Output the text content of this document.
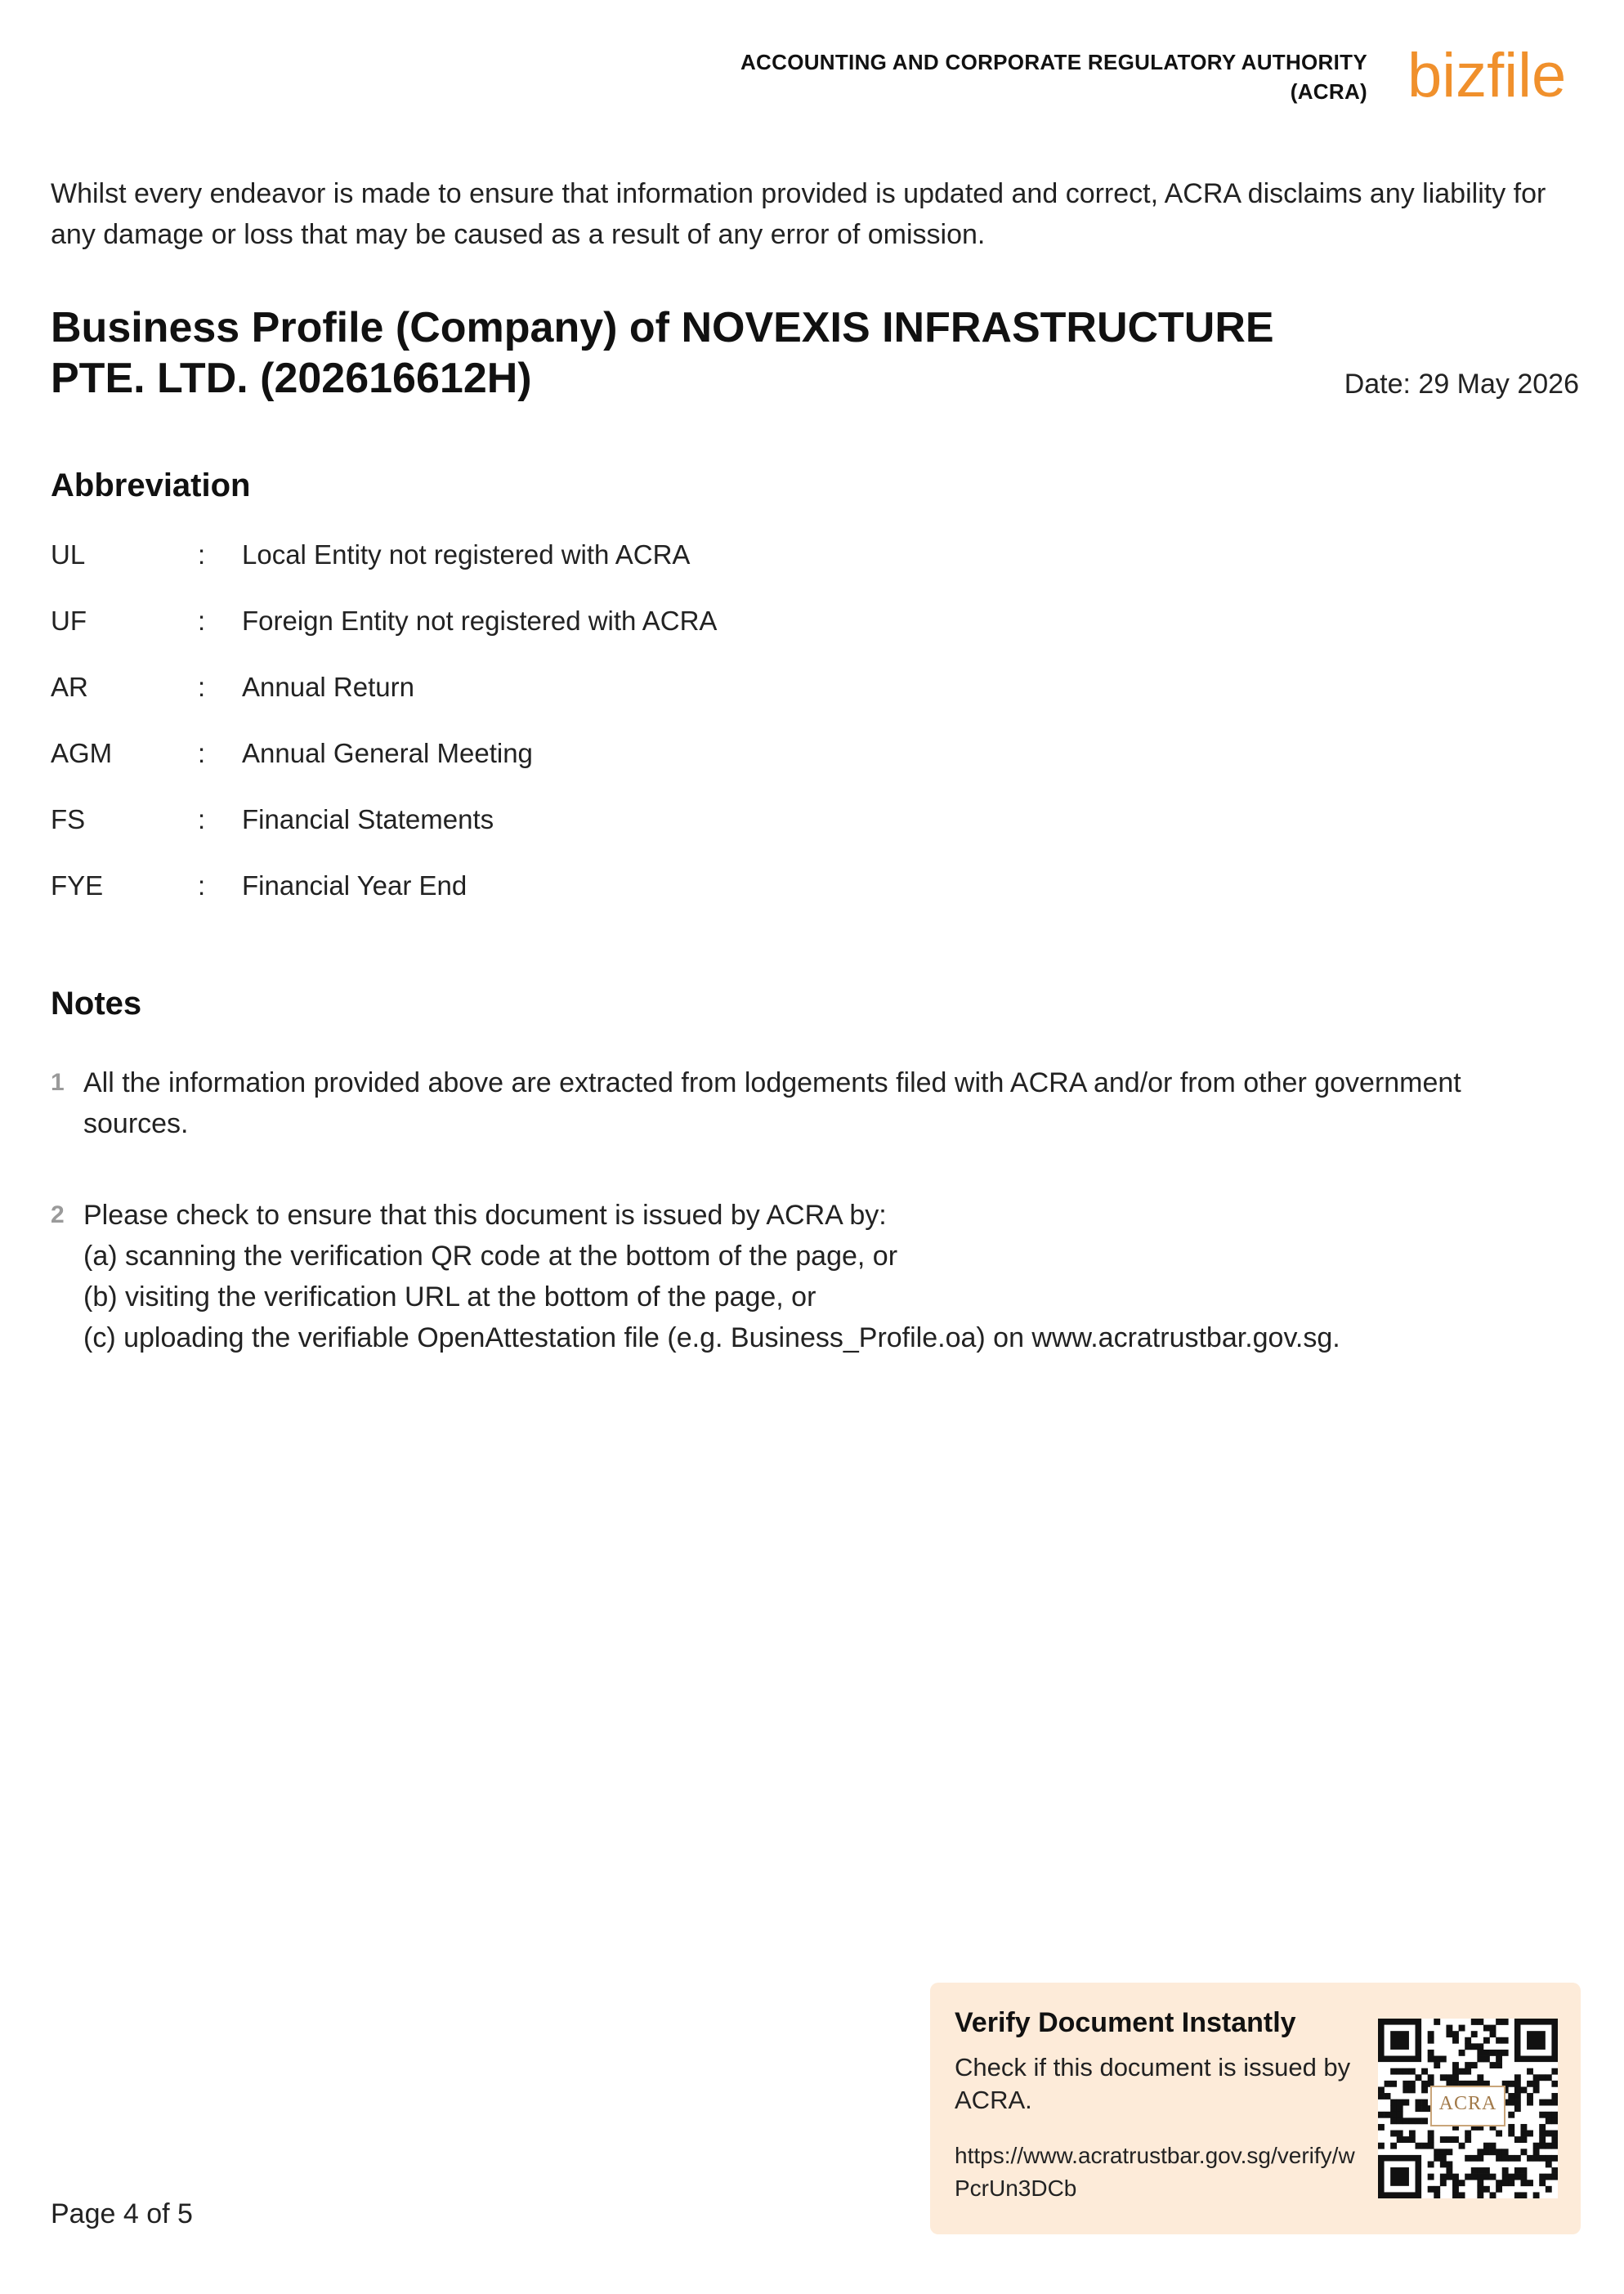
ACCOUNTING AND CORPORATE REGULATORY AUTHORITY
(ACRA) bizfile
Whilst every endeavor is made to ensure that information provided is updated and correct, ACRA disclaims any liability for any damage or loss that may be caused as a result of any error of omission.
Business Profile (Company) of NOVEXIS INFRASTRUCTURE PTE. LTD. (202616612H)	Date: 29 May 2026
Abbreviation
UL	: Local Entity not registered with ACRA
UF	: Foreign Entity not registered with ACRA
AR	: Annual Return
AGM	: Annual General Meeting
FS	: Financial Statements
FYE	: Financial Year End
Notes
1 All the information provided above are extracted from lodgements filed with ACRA and/or from other government sources.
2 Please check to ensure that this document is issued by ACRA by:
(a) scanning the verification QR code at the bottom of the page, or
(b) visiting the verification URL at the bottom of the page, or
(c) uploading the verifiable OpenAttestation file (e.g. Business_Profile.oa) on www.acratrustbar.gov.sg.
Page 4 of 5
Verify Document Instantly
Check if this document is issued by ACRA.
https://www.acratrustbar.gov.sg/verify/wPcrUn3DCb
ACRA
